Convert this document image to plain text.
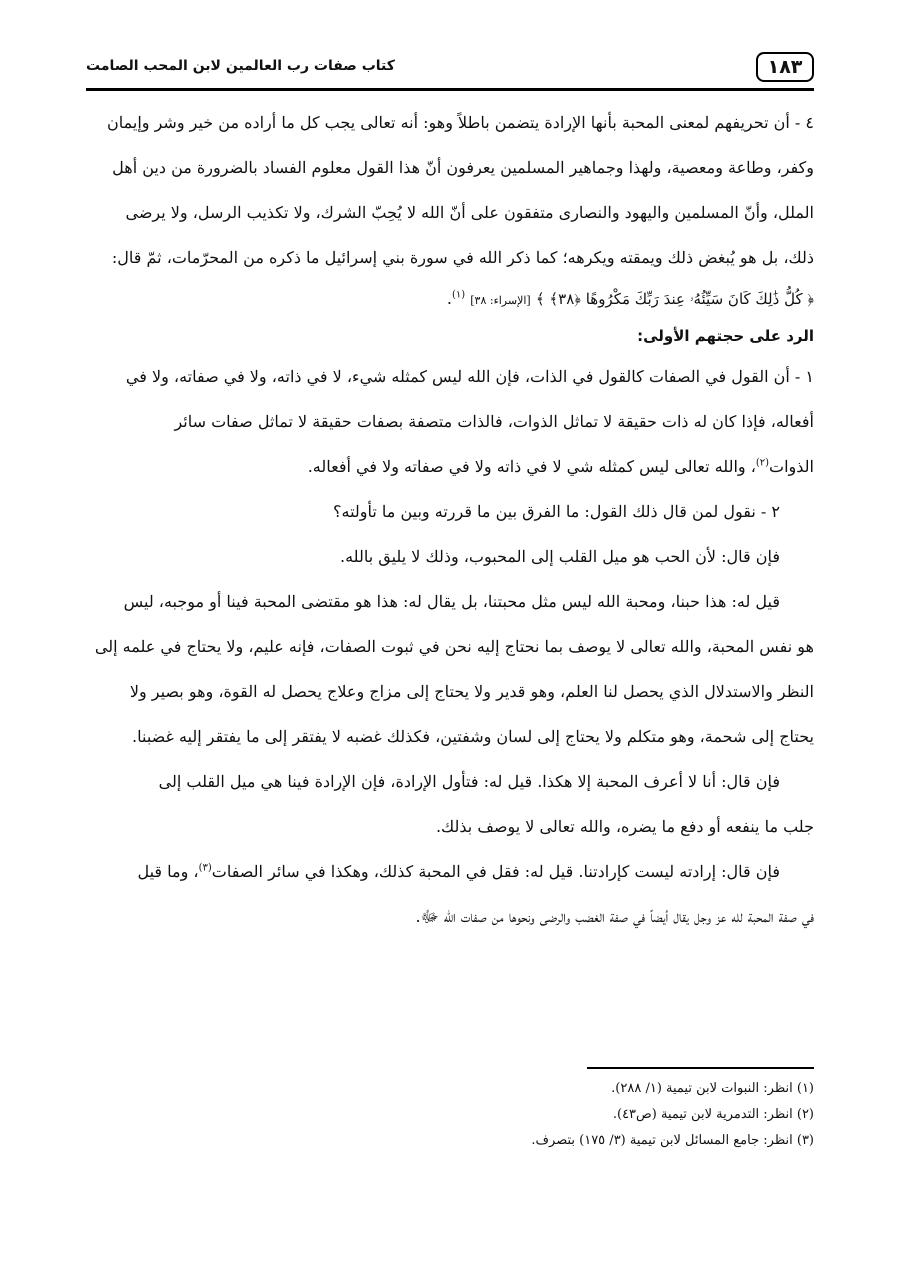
١٨٣
كتاب صفات رب العالمين لابن المحب الصامت
٤ - أن تحريفهم لمعنى المحبة بأنها الإرادة يتضمن باطلاً وهو: أنه تعالى يجب كل ما أراده من خير وشر وإيمان
وكفر، وطاعة ومعصية، ولهذا وجماهير المسلمين يعرفون أنّ هذا القول معلوم الفساد بالضرورة من دين أهل
الملل، وأنّ المسلمين واليهود والنصارى متفقون على أنّ الله لا يُحِبّ الشرك، ولا تكذيب الرسل، ولا يرضى
ذلك، بل هو يُبغض ذلك ويمقته ويكرهه؛ كما ذكر الله في سورة بني إسرائيل ما ذكره من المحرّمات، ثمّ قال:
﴿ كُلُّ ذَٰلِكَ كَانَ سَيِّئُهُۥ عِندَ رَبِّكَ مَكْرُوهًا ﴿٣٨﴾ ﴾ [الإسراء: ٣٨] $^{(١)}$.
الرد على حجتهم الأولى:
١ - أن القول في الصفات كالقول في الذات، فإن الله ليس كمثله شيء، لا في ذاته، ولا في صفاته، ولا في
أفعاله، فإذا كان له ذات حقيقة لا تماثل الذوات، فالذات متصفة بصفات حقيقة لا تماثل صفات سائر
الذوات$^{(٢)}$، والله تعالى ليس كمثله شي لا في ذاته ولا في صفاته ولا في أفعاله.
٢ - نقول لمن قال ذلك القول: ما الفرق بين ما قررته وبين ما تأولته؟
فإن قال: لأن الحب هو ميل القلب إلى المحبوب، وذلك لا يليق بالله.
قيل له: هذا حبنا، ومحبة الله ليس مثل محبتنا، بل يقال له: هذا هو مقتضى المحبة فينا أو موجبه، ليس
هو نفس المحبة، والله تعالى لا يوصف بما نحتاج إليه نحن في ثبوت الصفات، فإنه عليم، ولا يحتاج في علمه إلى
النظر والاستدلال الذي يحصل لنا العلم، وهو قدير ولا يحتاج إلى مزاج وعلاج يحصل له القوة، وهو بصير ولا
يحتاج إلى شحمة، وهو متكلم ولا يحتاج إلى لسان وشفتين، فكذلك غضبه لا يفتقر إلى ما يفتقر إليه غضبنا.
فإن قال: أنا لا أعرف المحبة إلا هكذا. قيل له: فتأول الإرادة، فإن الإرادة فينا هي ميل القلب إلى
جلب ما ينفعه أو دفع ما يضره، والله تعالى لا يوصف بذلك.
فإن قال: إرادته ليست كإرادتنا. قيل له: فقل في المحبة كذلك، وهكذا في سائر الصفات$^{(٣)}$، وما قيل
في صفة المحبة لله عز وجل يقال أيضاً في صفة الغضب والرضى ونحوها من صفات الله ﷻ.
(١) انظر: النبوات لابن تيمية (١/ ٢٨٨).
(٢) انظر: التدمرية لابن تيمية (ص٤٣).
(٣) انظر: جامع المسائل لابن تيمية (٣/ ١٧٥) بتصرف.
